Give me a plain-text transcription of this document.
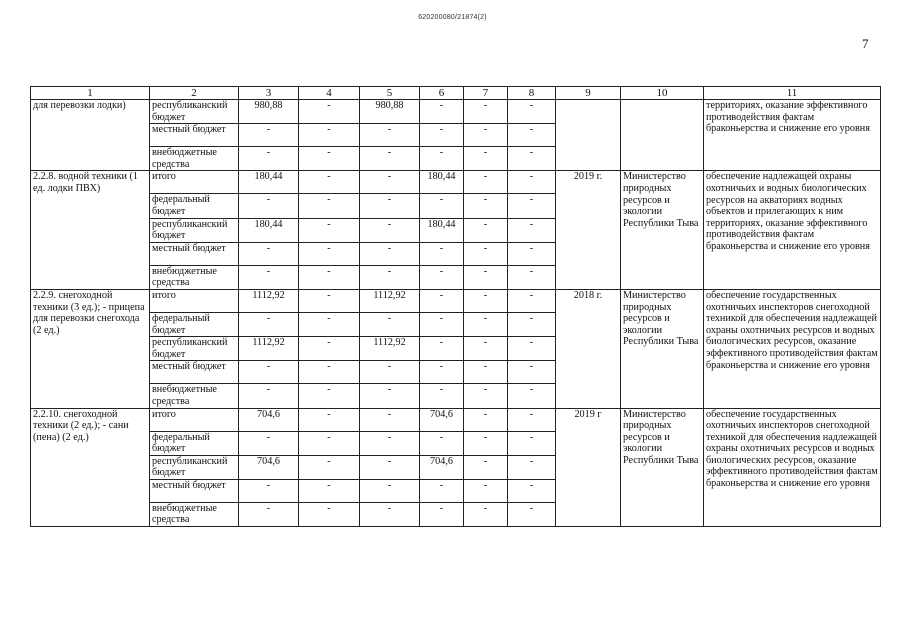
620200080/21874(2)
7
1	2	3	4	5	6	7	8	9	10	11
для перевозки лодки)	республиканский бюджет	980,88	-	980,88	-	-	-			территориях, оказание эффективного противодействия фактам браконьерства и снижение его уровня
	местный бюджет	-	-	-	-	-	-			
	внебюджетные средства	-	-	-	-	-	-			
2.2.8. водной техники (1 ед. лодки ПВХ)	итого	180,44	-	-	180,44	-	-	2019 г.	Министерство природных ресурсов и экологии Республики Тыва	обеспечение надлежащей охраны охотничьих и водных биологических ресурсов на акваториях водных объектов и прилегающих к ним территориях, оказание эффективного противодействия фактам браконьерства и снижение его уровня
	федеральный бюджет	-	-	-	-	-	-			
	республиканский бюджет	180,44	-	-	180,44	-	-			
	местный бюджет	-	-	-	-	-	-			
	внебюджетные средства	-	-	-	-	-	-			
2.2.9. снегоходной техники (3 ед.); - прицепа для перевозки снегохода (2 ед.)	итого	1112,92	-	1112,92	-	-	-	2018 г.	Министерство природных ресурсов и экологии Республики Тыва	обеспечение государственных охотничьих инспекторов снегоходной техникой для обеспечения надлежащей охраны охотничьих ресурсов и водных биологических ресурсов, оказание эффективного противодействия фактам браконьерства и снижение его уровня
	федеральный бюджет	-	-	-	-	-	-			
	республиканский бюджет	1112,92	-	1112,92	-	-	-			
	местный бюджет	-	-	-	-	-	-			
	внебюджетные средства	-	-	-	-	-	-			
2.2.10. снегоходной техники (2 ед.); - сани (пена) (2 ед.)	итого	704,6	-	-	704,6	-	-	2019 г	Министерство природных ресурсов и экологии Республики Тыва	обеспечение государственных охотничьих инспекторов снегоходной техникой для обеспечения надлежащей охраны охотничьих ресурсов и водных биологических ресурсов, оказание эффективного противодействия фактам браконьерства и снижение его уровня
	федеральный бюджет	-	-	-	-	-	-			
	республиканский бюджет	704,6	-	-	704,6	-	-			
	местный бюджет	-	-	-	-	-	-			
	внебюджетные средства	-	-	-	-	-	-			
